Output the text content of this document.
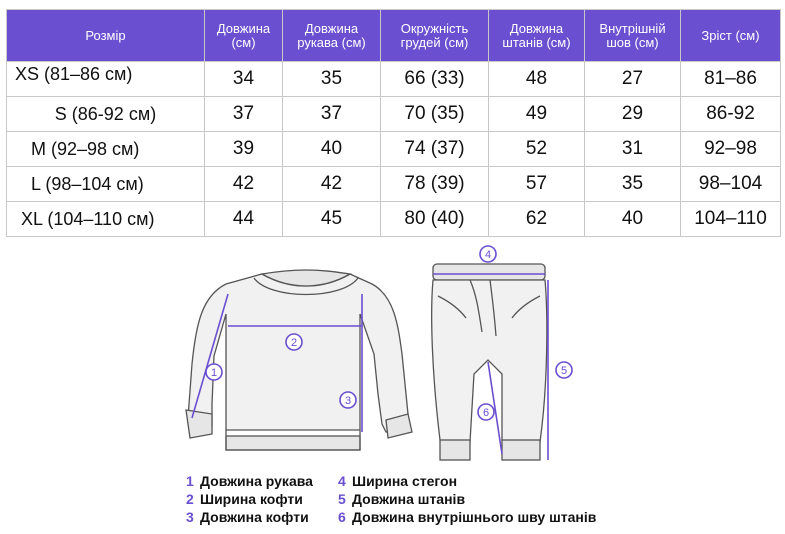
Розмір	Довжина (см)	Довжина рукава (см)	Окружність грудей (см)	Довжина штанів (см)	Внутрішній шов (см)	Зріст (см)
XS (81–86 см)	34	35	66 (33)	48	27	81–86
S (86-92 см)	37	37	70 (35)	49	29	86-92
M (92–98 см)	39	40	74 (37)	52	31	92–98
L (98–104 см)	42	42	78 (39)	57	35	98–104
XL (104–110 см)	44	45	80 (40)	62	40	104–110
1
2
3
4
5
6
1 Довжина рукава
2 Ширина кофти
3 Довжина кофти
4 Ширина стегон
5 Довжина штанів
6 Довжина внутрішнього шву штанів
